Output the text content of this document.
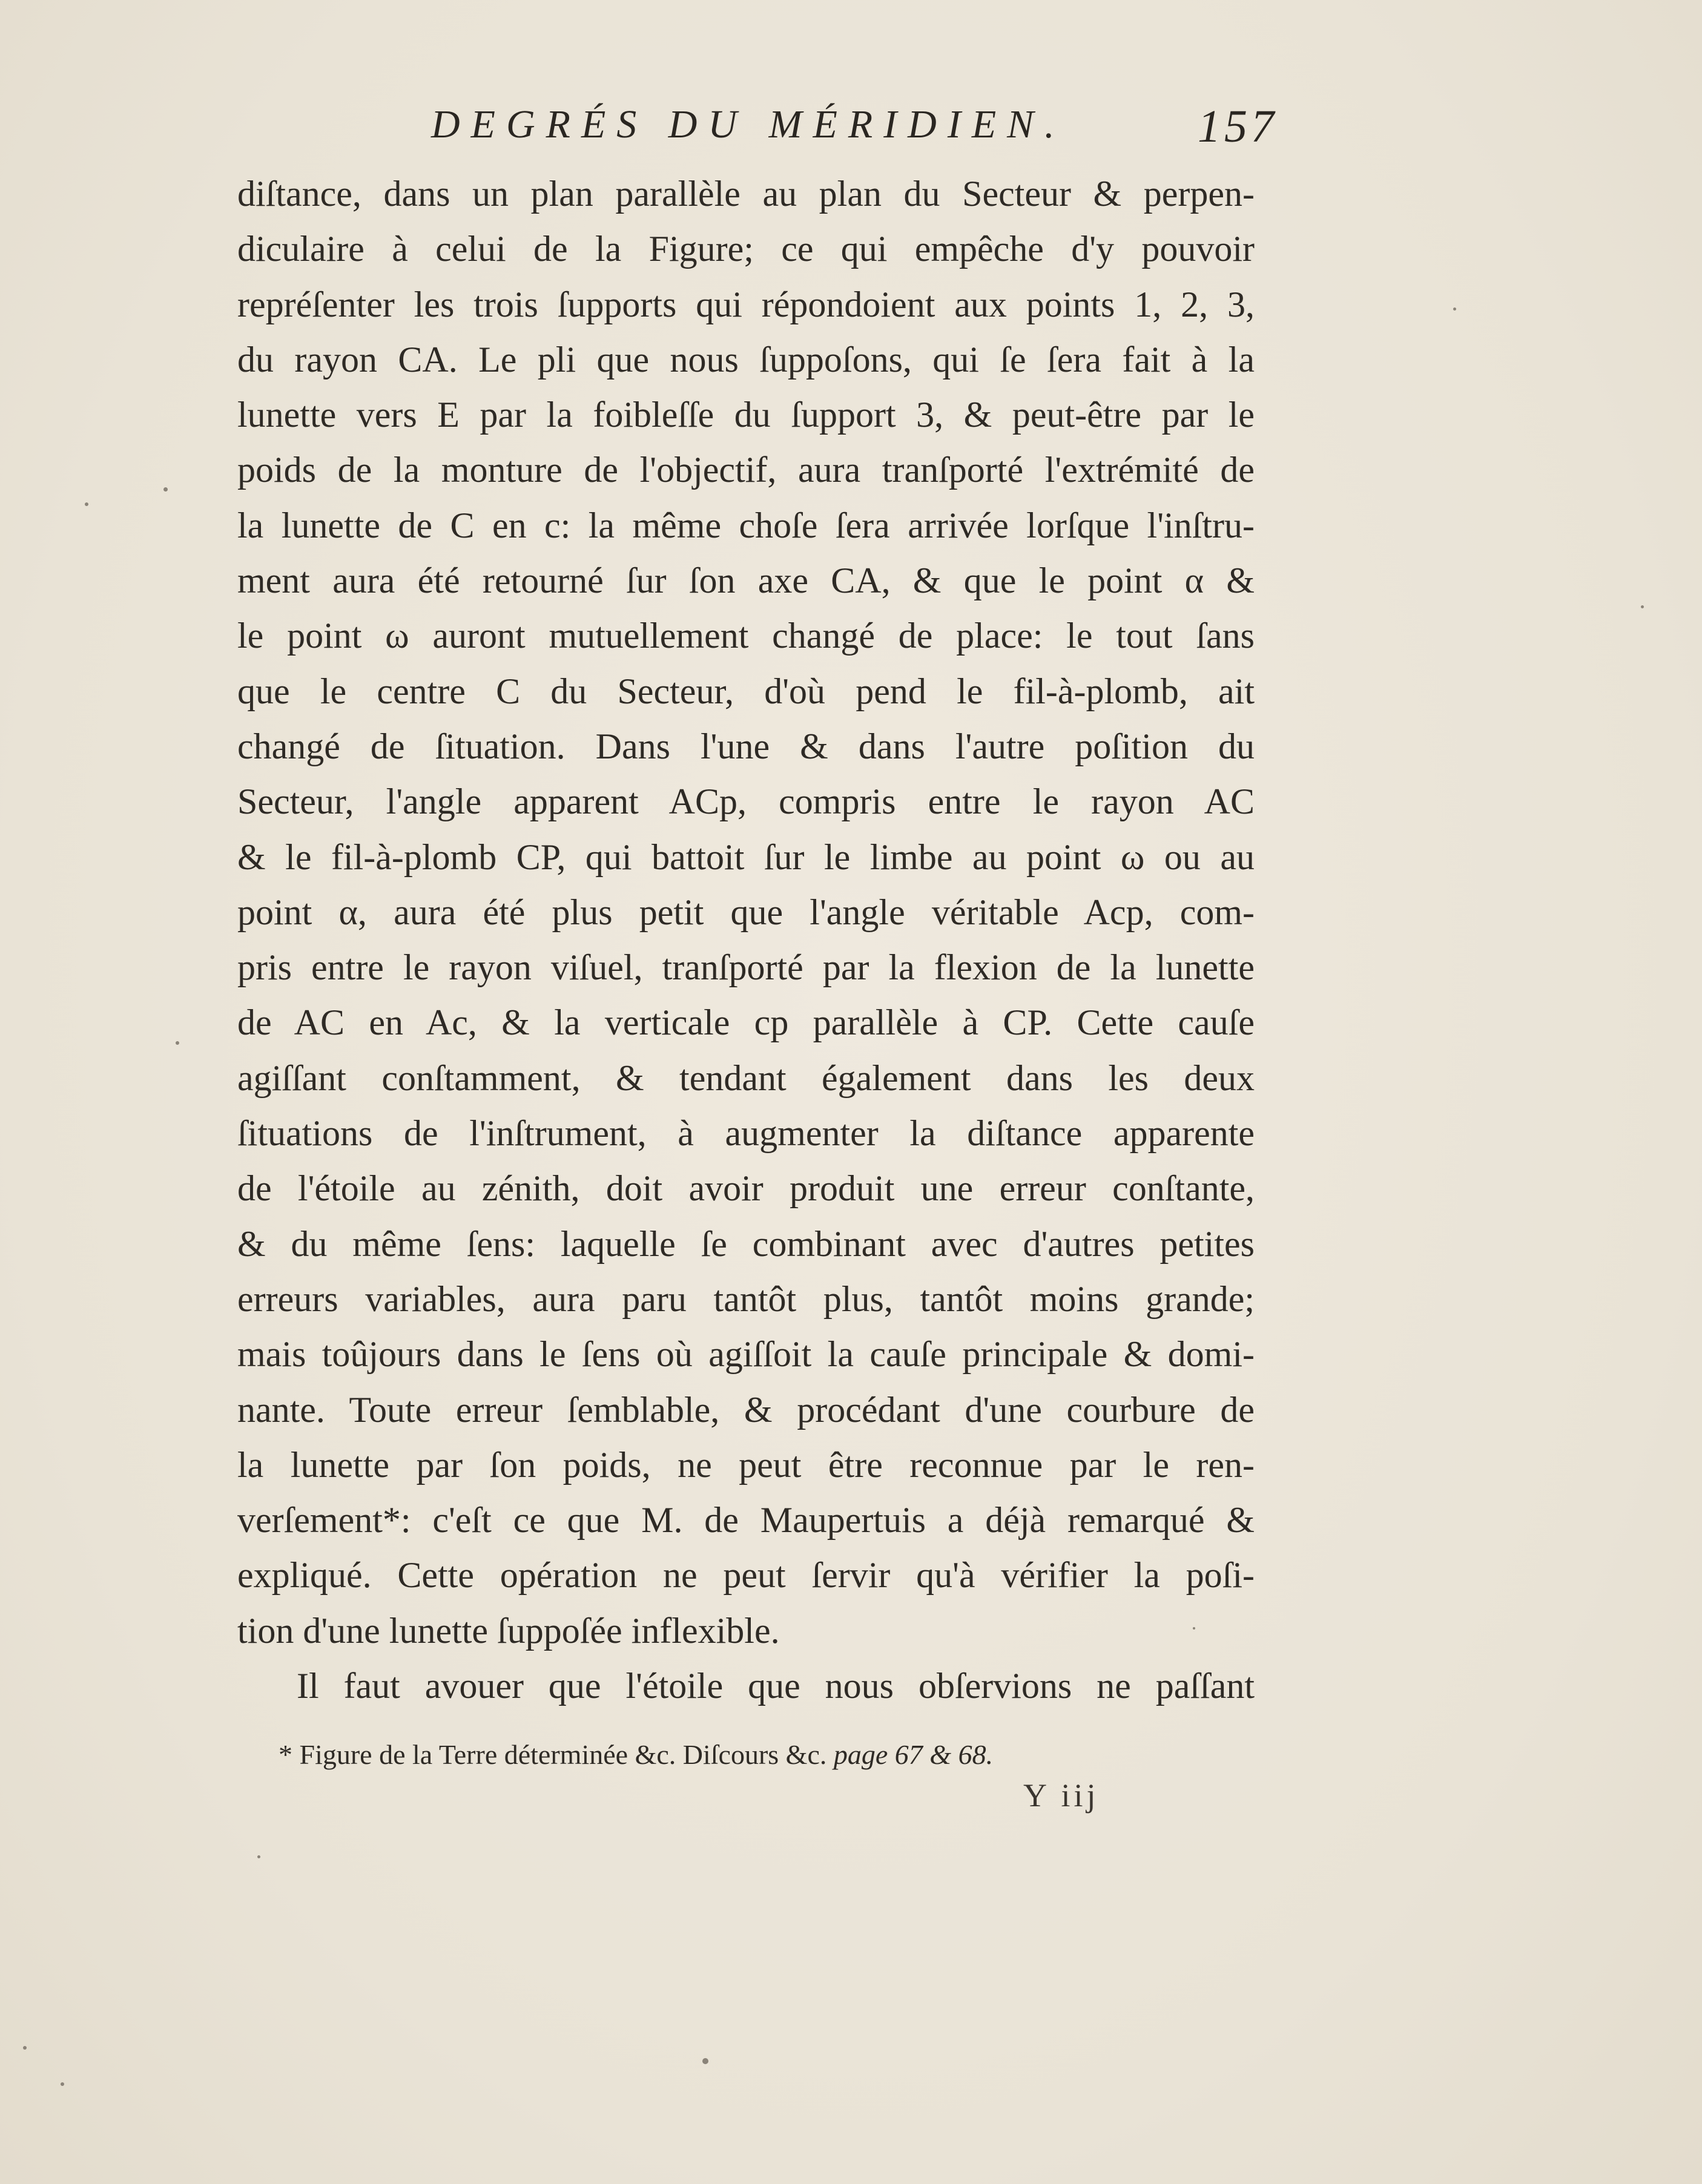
DEGRÉS DU MÉRIDIEN.	157
diſtance, dans un plan parallèle au plan du Secteur & perpen-
diculaire à celui de la Figure; ce qui empêche d'y pouvoir
repréſenter les trois ſupports qui répondoient aux points 1, 2, 3,
du rayon CA. Le pli que nous ſuppoſons, qui ſe ſera fait à la
lunette vers E par la foibleſſe du ſupport 3, & peut-être par le
poids de la monture de l'objectif, aura tranſporté l'extrémité de
la lunette de C en c: la même choſe ſera arrivée lorſque l'inſtru-
ment aura été retourné ſur ſon axe CA, & que le point α &
le point ω auront mutuellement changé de place: le tout ſans
que le centre C du Secteur, d'où pend le fil-à-plomb, ait
changé de ſituation. Dans l'une & dans l'autre poſition du
Secteur, l'angle apparent ACp, compris entre le rayon AC
& le fil-à-plomb CP, qui battoit ſur le limbe au point ω ou au
point α, aura été plus petit que l'angle véritable Acp, com-
pris entre le rayon viſuel, tranſporté par la flexion de la lunette
de AC en Ac, & la verticale cp parallèle à CP. Cette cauſe
agiſſant conſtamment, & tendant également dans les deux
ſituations de l'inſtrument, à augmenter la diſtance apparente
de l'étoile au zénith, doit avoir produit une erreur conſtante,
& du même ſens: laquelle ſe combinant avec d'autres petites
erreurs variables, aura paru tantôt plus, tantôt moins grande;
mais toûjours dans le ſens où agiſſoit la cauſe principale & domi-
nante. Toute erreur ſemblable, & procédant d'une courbure de
la lunette par ſon poids, ne peut être reconnue par le ren-
verſement*: c'eſt ce que M. de Maupertuis a déjà remarqué &
expliqué. Cette opération ne peut ſervir qu'à vérifier la poſi-
tion d'une lunette ſuppoſée inflexible.
Il faut avouer que l'étoile que nous obſervions ne paſſant
* Figure de la Terre déterminée &c. Diſcours &c. page 67 & 68.
Y iij
